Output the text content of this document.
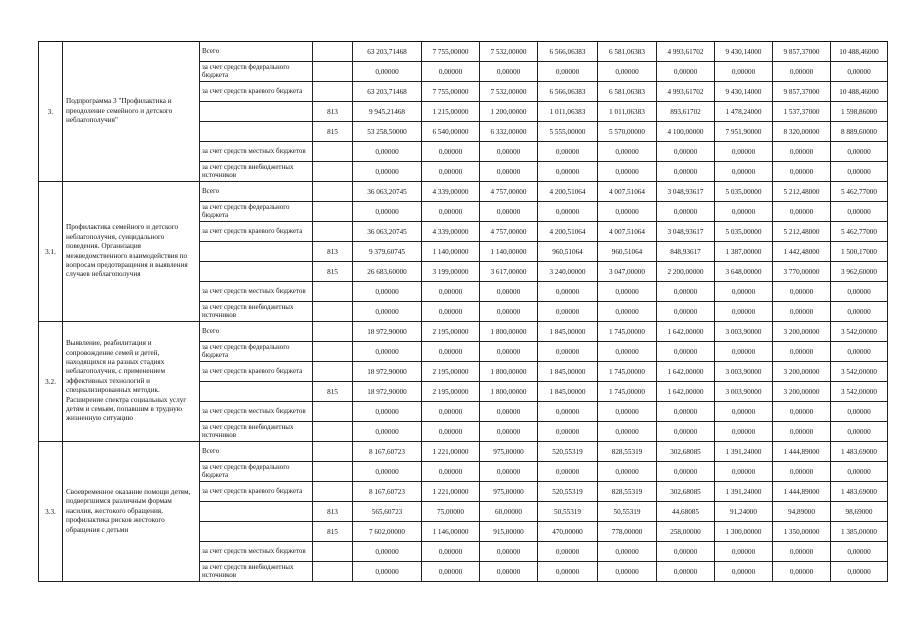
3.	Подпрограмма 3 "Профилактика и преодоление семейного и детского неблагополучия"	Всего		63 203,71468	7 755,00000	7 532,00000	6 566,06383	6 581,06383	4 993,61702	9 430,14000	9 857,37000	10 488,46000
		за счет средств федерального бюджета		0,00000	0,00000	0,00000	0,00000	0,00000	0,00000	0,00000	0,00000	0,00000
		за счет средств краевого бюджета		63 203,71468	7 755,00000	7 532,00000	6 566,06383	6 581,06383	4 993,61702	9 430,14000	9 857,37000	10 488,46000
			813	9 945,21468	1 215,00000	1 200,00000	1 011,06383	1 011,06383	893,61702	1 478,24000	1 537,37000	1 598,86000
			815	53 258,50000	6 540,00000	6 332,00000	5 555,00000	5 570,00000	4 100,00000	7 951,90000	8 320,00000	8 889,60000
		за счет средств местных бюджетов		0,00000	0,00000	0,00000	0,00000	0,00000	0,00000	0,00000	0,00000	0,00000
		за счет средств внебюджетных источников		0,00000	0,00000	0,00000	0,00000	0,00000	0,00000	0,00000	0,00000	0,00000
3.1.	Профилактика семейного и детского неблагополучия, суицидального поведения. Организация межведомственного взаимодействия по вопросам предотвращения и выявления случаев неблагополучия	Всего		36 063,20745	4 339,00000	4 757,00000	4 200,51064	4 007,51064	3 048,93617	5 035,00000	5 212,48000	5 462,77000
		за счет средств федерального бюджета		0,00000	0,00000	0,00000	0,00000	0,00000	0,00000	0,00000	0,00000	0,00000
		за счет средств краевого бюджета		36 063,20745	4 339,00000	4 757,00000	4 200,51064	4 007,51064	3 048,93617	5 035,00000	5 212,48000	5 462,77000
			813	9 379,60745	1 140,00000	1 140,00000	960,51064	960,51064	848,93617	1 387,00000	1 442,48000	1 500,17000
			815	26 683,60000	3 199,00000	3 617,00000	3 240,00000	3 047,00000	2 200,00000	3 648,00000	3 770,00000	3 962,60000
		за счет средств местных бюджетов		0,00000	0,00000	0,00000	0,00000	0,00000	0,00000	0,00000	0,00000	0,00000
		за счет средств внебюджетных источников		0,00000	0,00000	0,00000	0,00000	0,00000	0,00000	0,00000	0,00000	0,00000
3.2.	Выявление, реабилитация и сопровождение семей и детей, находящихся на разных стадиях неблагополучия, с применением эффективных технологий и специализированных методик. Расширение спектра социальных услуг детям и семьям, попавшим в трудную жизненную ситуацию	Всего		18 972,90000	2 195,00000	1 800,00000	1 845,00000	1 745,00000	1 642,00000	3 003,90000	3 200,00000	3 542,00000
		за счет средств федерального бюджета		0,00000	0,00000	0,00000	0,00000	0,00000	0,00000	0,00000	0,00000	0,00000
		за счет средств краевого бюджета		18 972,90000	2 195,00000	1 800,00000	1 845,00000	1 745,00000	1 642,00000	3 003,90000	3 200,00000	3 542,00000
			815	18 972,90000	2 195,00000	1 800,00000	1 845,00000	1 745,00000	1 642,00000	3 003,90000	3 200,00000	3 542,00000
		за счет средств местных бюджетов		0,00000	0,00000	0,00000	0,00000	0,00000	0,00000	0,00000	0,00000	0,00000
		за счет средств внебюджетных источников		0,00000	0,00000	0,00000	0,00000	0,00000	0,00000	0,00000	0,00000	0,00000
3.3.	Своевременное оказание помощи детям, подвергшимся различным формам насилия, жестокого обращения, профилактика рисков жестокого обращения с детьми	Всего		8 167,60723	1 221,00000	975,00000	520,55319	828,55319	302,68085	1 391,24000	1 444,89000	1 483,69000
		за счет средств федерального бюджета		0,00000	0,00000	0,00000	0,00000	0,00000	0,00000	0,00000	0,00000	0,00000
		за счет средств краевого бюджета		8 167,60723	1 221,00000	975,00000	520,55319	828,55319	302,68085	1 391,24000	1 444,89000	1 483,69000
			813	565,60723	75,00000	60,00000	50,55319	50,55319	44,68085	91,24000	94,89000	98,69000
			815	7 602,00000	1 146,00000	915,00000	470,00000	778,00000	258,00000	1 300,00000	1 350,00000	1 385,00000
		за счет средств местных бюджетов		0,00000	0,00000	0,00000	0,00000	0,00000	0,00000	0,00000	0,00000	0,00000
		за счет средств внебюджетных источников		0,00000	0,00000	0,00000	0,00000	0,00000	0,00000	0,00000	0,00000	0,00000
